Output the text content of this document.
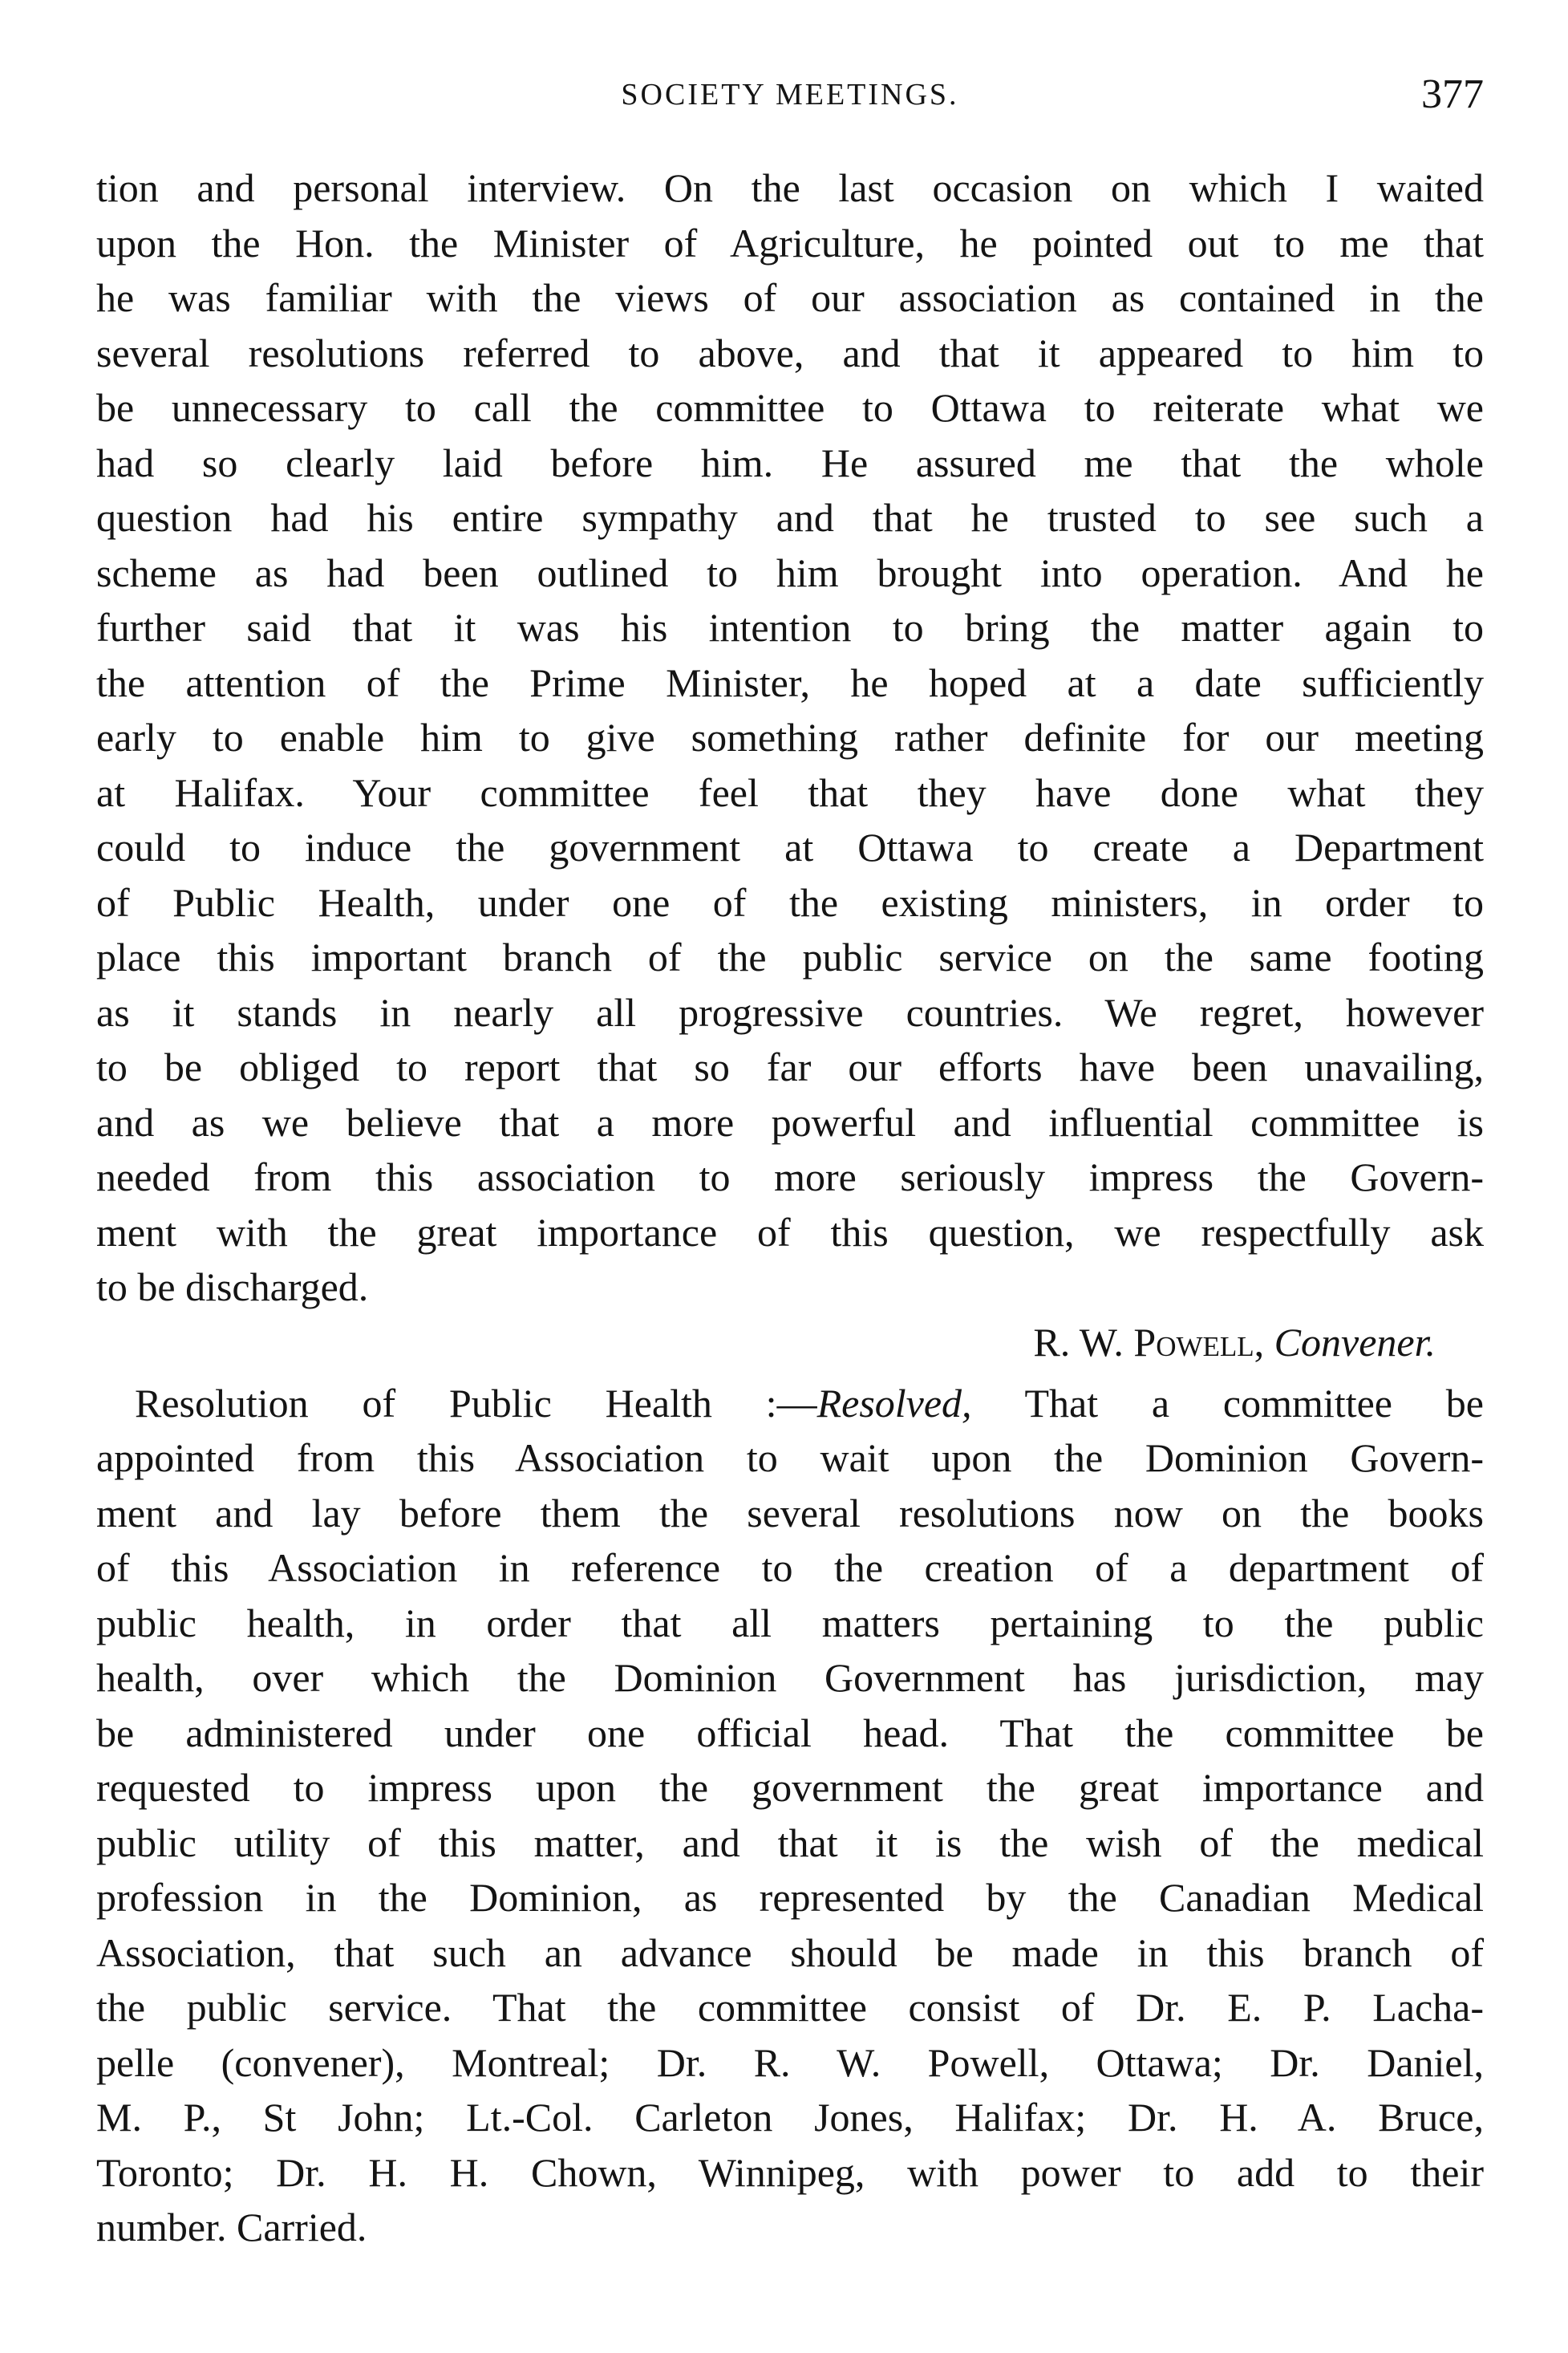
SOCIETY MEETINGS.	377
tion and personal interview. On the last occasion on which I waited
upon the Hon. the Minister of Agriculture, he pointed out to me that
he was familiar with the views of our association as contained in the
several resolutions referred to above, and that it appeared to him to
be unnecessary to call the committee to Ottawa to reiterate what we
had so clearly laid before him. He assured me that the whole
question had his entire sympathy and that he trusted to see such a
scheme as had been outlined to him brought into operation. And he
further said that it was his intention to bring the matter again to
the attention of the Prime Minister, he hoped at a date sufficiently
early to enable him to give something rather definite for our meeting
at Halifax. Your committee feel that they have done what they
could to induce the government at Ottawa to create a Department
of Public Health, under one of the existing ministers, in order to
place this important branch of the public service on the same footing
as it stands in nearly all progressive countries. We regret, however
to be obliged to report that so far our efforts have been unavailing,
and as we believe that a more powerful and influential committee is
needed from this association to more seriously impress the Govern-
ment with the great importance of this question, we respectfully ask
to be discharged.
R. W. Powell, Convener.
Resolution of Public Health :—Resolved, That a committee be
appointed from this Association to wait upon the Dominion Govern-
ment and lay before them the several resolutions now on the books
of this Association in reference to the creation of a department of
public health, in order that all matters pertaining to the public
health, over which the Dominion Government has jurisdiction, may
be administered under one official head. That the committee be
requested to impress upon the government the great importance and
public utility of this matter, and that it is the wish of the medical
profession in the Dominion, as represented by the Canadian Medical
Association, that such an advance should be made in this branch of
the public service. That the committee consist of Dr. E. P. Lacha-
pelle (convener), Montreal; Dr. R. W. Powell, Ottawa; Dr. Daniel,
M. P., St John; Lt.-Col. Carleton Jones, Halifax; Dr. H. A. Bruce,
Toronto; Dr. H. H. Chown, Winnipeg, with power to add to their
number. Carried.
